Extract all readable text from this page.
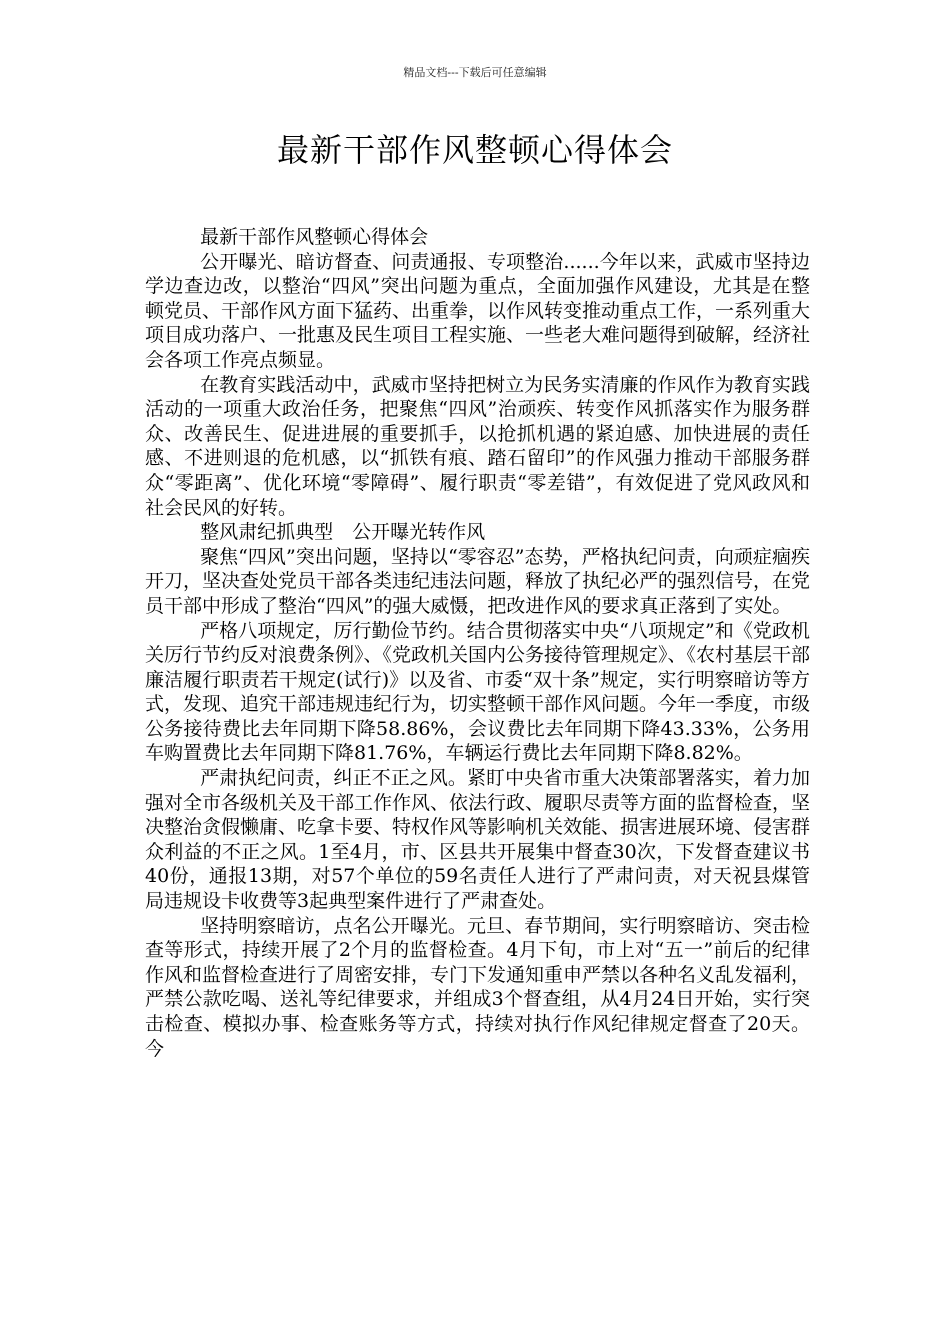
精品文档---下载后可任意编辑
最新干部作风整顿心得体会

最新干部作风整顿心得体会

公开曝光、暗访督查、问责通报、专项整治......今年以来，武威市坚持边学边查边改，以整治“四风”突出问题为重点，全面加强作风建设，尤其是在整顿党员、干部作风方面下猛药、出重拳，以作风转变推动重点工作，一系列重大项目成功落户、一批惠及民生项目工程实施、一些老大难问题得到破解，经济社会各项工作亮点频显。

在教育实践活动中，武威市坚持把树立为民务实清廉的作风作为教育实践活动的一项重大政治任务，把聚焦“四风”治顽疾、转变作风抓落实作为服务群众、改善民生、促进进展的重要抓手，以抢抓机遇的紧迫感、加快进展的责任感、不进则退的危机感，以“抓铁有痕、踏石留印”的作风强力推动干部服务群众“零距离”、优化环境“零障碍”、履行职责“零差错”，有效促进了党风政风和社会民风的好转。

整风肃纪抓典型　公开曝光转作风

聚焦“四风”突出问题，坚持以“零容忍”态势，严格执纪问责，向顽症痼疾开刀，坚决查处党员干部各类违纪违法问题，释放了执纪必严的强烈信号，在党员干部中形成了整治“四风”的强大威慑，把改进作风的要求真正落到了实处。

严格八项规定，厉行勤俭节约。结合贯彻落实中央“八项规定”和《党政机关厉行节约反对浪费条例》、《党政机关国内公务接待管理规定》、《农村基层干部廉洁履行职责若干规定(试行)》以及省、市委“双十条”规定，实行明察暗访等方式，发现、追究干部违规违纪行为，切实整顿干部作风问题。今年一季度，市级公务接待费比去年同期下降58.86%，会议费比去年同期下降43.33%，公务用车购置费比去年同期下降81.76%，车辆运行费比去年同期下降8.82%。

严肃执纪问责，纠正不正之风。紧盯中央省市重大决策部署落实，着力加强对全市各级机关及干部工作作风、依法行政、履职尽责等方面的监督检查，坚决整治贪假懒庸、吃拿卡要、特权作风等影响机关效能、损害进展环境、侵害群众利益的不正之风。1至4月，市、区县共开展集中督查30次，下发督查建议书40份，通报13期，对57个单位的59名责任人进行了严肃问责，对天祝县煤管局违规设卡收费等3起典型案件进行了严肃查处。

坚持明察暗访，点名公开曝光。元旦、春节期间，实行明察暗访、突击检查等形式，持续开展了2个月的监督检查。4月下旬，市上对“五一”前后的纪律作风和监督检查进行了周密安排，专门下发通知重申严禁以各种名义乱发福利，严禁公款吃喝、送礼等纪律要求，并组成3个督查组，从4月24日开始，实行突击检查、模拟办事、检查账务等方式，持续对执行作风纪律规定督查了20天。今
